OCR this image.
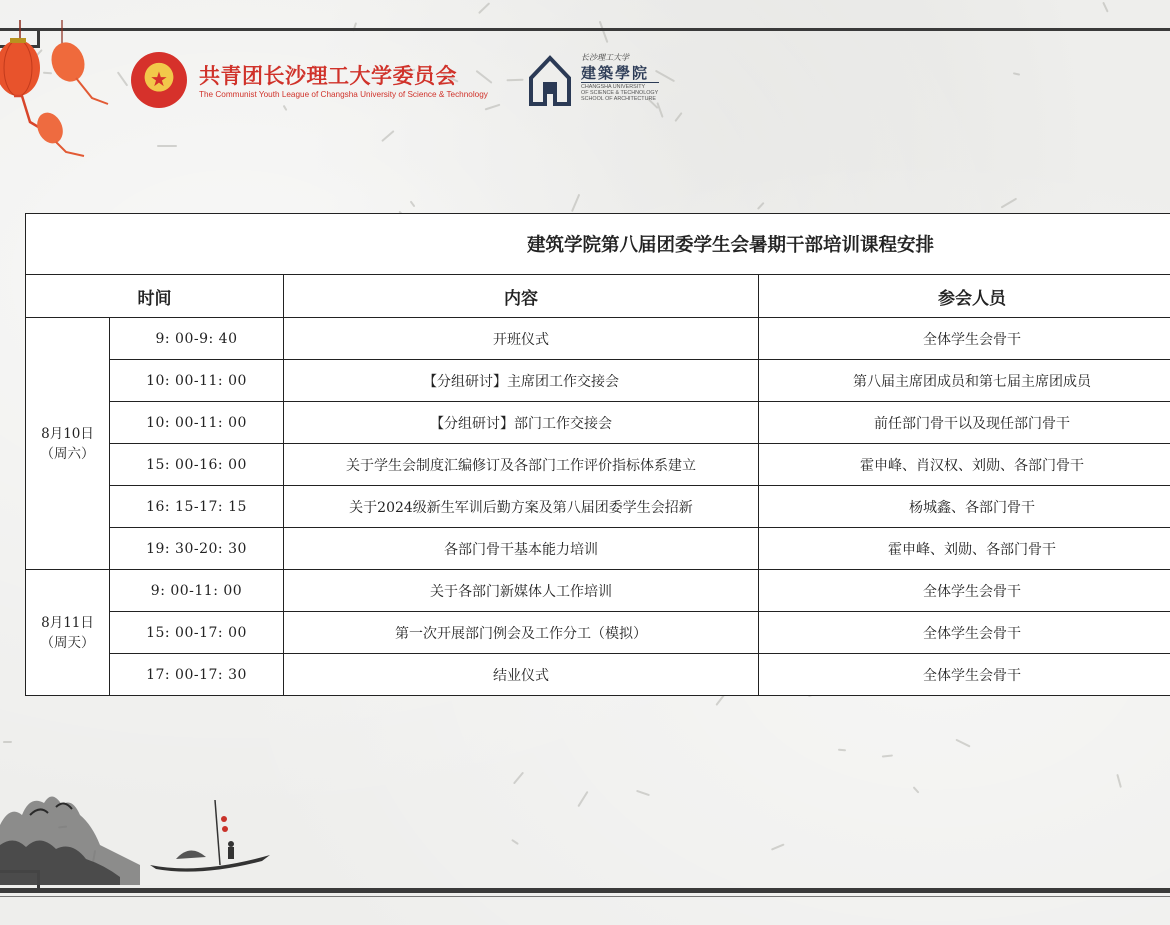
★ 共青团长沙理工大学委员会
The Communist Youth League of Changsha University of Science & Technology
长沙理工大学
建築學院
CHANGSHA UNIVERSITY
OF SCIENCE & TECHNOLOGY
SCHOOL OF ARCHITECTURE
建筑学院第八届团委学生会暑期干部培训课程安排			
时间		内容	参会人员

8月10日
（周六）	9: 00-9: 40	开班仪式	全体学生会骨干
	10: 00-11: 00	【分组研讨】主席团工作交接会	第八届主席团成员和第七届主席团成员
	10: 00-11: 00	【分组研讨】部门工作交接会	前任部门骨干以及现任部门骨干
	15: 00-16: 00	关于学生会制度汇编修订及各部门工作评价指标体系建立	霍申峰、肖汉权、刘勋、各部门骨干
	16: 15-17: 15	关于2024级新生军训后勤方案及第八届团委学生会招新	杨城鑫、各部门骨干
	19: 30-20: 30	各部门骨干基本能力培训	霍申峰、刘勋、各部门骨干

8月11日
（周天）	9: 00-11: 00	关于各部门新媒体人工作培训	全体学生会骨干
	15: 00-17: 00	第一次开展部门例会及工作分工（模拟）	全体学生会骨干
	17: 00-17: 30	结业仪式	全体学生会骨干
